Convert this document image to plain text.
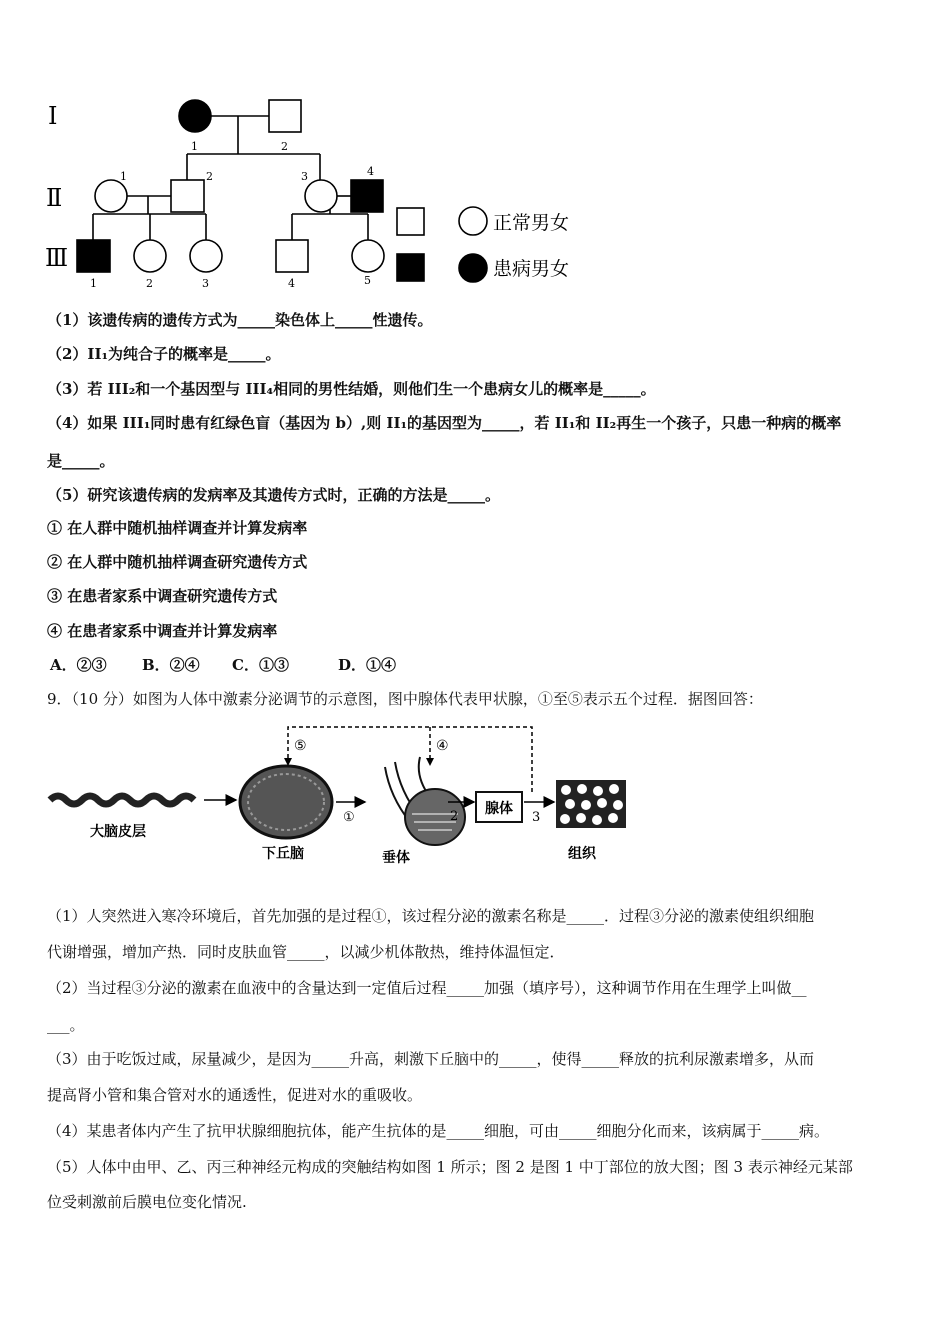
Ⅰ
Ⅱ
Ⅲ
1	2
1	2	3	4
1	2	3	4	5
正常男女
患病男女
（1）该遗传病的遗传方式为_____染色体上_____性遗传。
（2）II₁为纯合子的概率是_____。
（3）若 III₂和一个基因型与 III₄相同的男性结婚，则他们生一个患病女儿的概率是_____。
（4）如果 III₁同时患有红绿色盲（基因为 b）,则 II₁的基因型为_____，若 II₁和 II₂再生一个孩子，只患一种病的概率
是_____。
（5）研究该遗传病的发病率及其遗传方式时，正确的方法是_____。
① 在人群中随机抽样调查并计算发病率
② 在人群中随机抽样调查研究遗传方式
③ 在患者家系中调查研究遗传方式
④ 在患者家系中调查并计算发病率
A．②③ B．②④ C．①③	D．①④
9．（10 分）如图为人体中激素分泌调节的示意图，图中腺体代表甲状腺，①至⑤表示五个过程．据图回答：
大脑皮层
下丘脑
①
垂体
2 腺体
3
组织
⑤	④
（1）人突然进入寒冷环境后，首先加强的是过程①，该过程分泌的激素名称是_____．过程③分泌的激素使组织细胞
代谢增强，增加产热．同时皮肤血管_____，以减少机体散热，维持体温恒定．
（2）当过程③分泌的激素在血液中的含量达到一定值后过程_____加强（填序号），这种调节作用在生理学上叫做__
___。
（3）由于吃饭过咸，尿量减少，是因为_____升高，刺激下丘脑中的_____，使得_____释放的抗利尿激素增多，从而
提高肾小管和集合管对水的通透性，促进对水的重吸收。
（4）某患者体内产生了抗甲状腺细胞抗体，能产生抗体的是_____细胞，可由_____细胞分化而来，该病属于_____病。
（5）人体中由甲、乙、丙三种神经元构成的突触结构如图 1 所示；图 2 是图 1 中丁部位的放大图；图 3 表示神经元某部
位受刺激前后膜电位变化情况.
